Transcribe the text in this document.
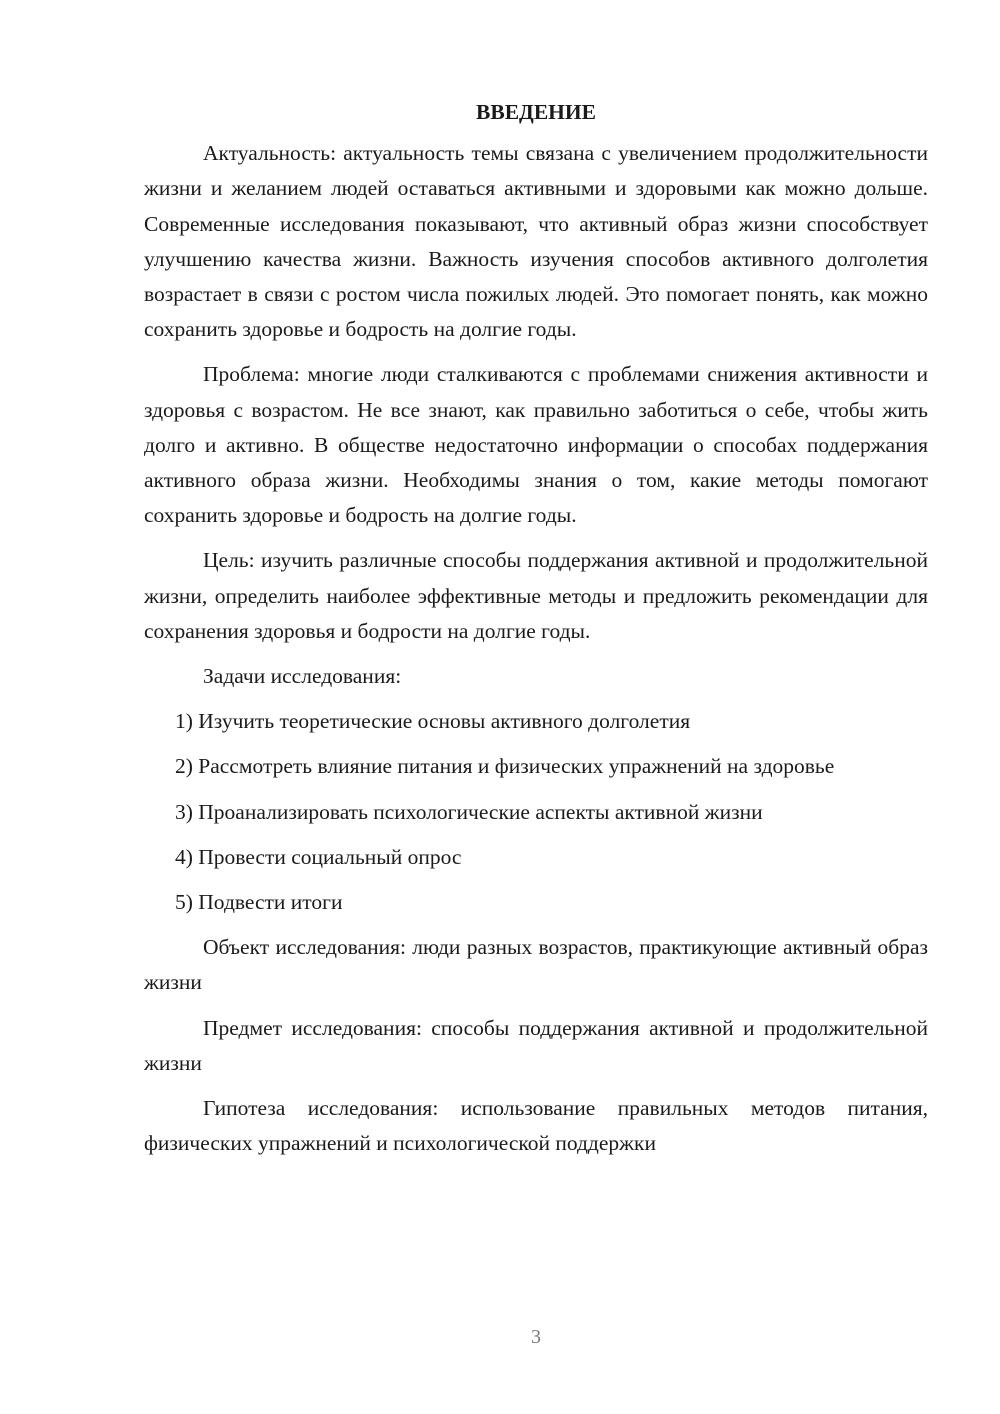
ВВЕДЕНИЕ

Актуальность: актуальность темы связана с увеличением продолжительности жизни и желанием людей оставаться активными и здоровыми как можно дольше. Современные исследования показывают, что активный образ жизни способствует улучшению качества жизни. Важность изучения способов активного долголетия возрастает в связи с ростом числа пожилых людей. Это помогает понять, как можно сохранить здоровье и бодрость на долгие годы.

Проблема: многие люди сталкиваются с проблемами снижения активности и здоровья с возрастом. Не все знают, как правильно заботиться о себе, чтобы жить долго и активно. В обществе недостаточно информации о способах поддержания активного образа жизни. Необходимы знания о том, какие методы помогают сохранить здоровье и бодрость на долгие годы.

Цель: изучить различные способы поддержания активной и продолжительной жизни, определить наиболее эффективные методы и предложить рекомендации для сохранения здоровья и бодрости на долгие годы.

Задачи исследования:

1) Изучить теоретические основы активного долголетия

2) Рассмотреть влияние питания и физических упражнений на здоровье

3) Проанализировать психологические аспекты активной жизни

4) Провести социальный опрос

5) Подвести итоги

Объект исследования: люди разных возрастов, практикующие активный образ жизни

Предмет исследования: способы поддержания активной и продолжительной жизни

Гипотеза исследования: использование правильных методов питания, физических упражнений и психологической поддержки

3
